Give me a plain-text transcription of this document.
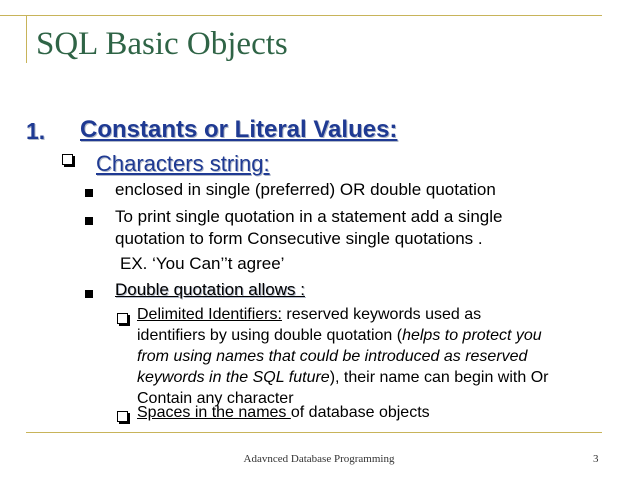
SQL Basic Objects
1. Constants or Literal Values:
Characters string:
enclosed in single (preferred) OR double quotation
To print single quotation in a statement add a single
quotation to form Consecutive single quotations .
EX. ‘You Can’’t agree’
Double quotation allows :
Delimited Identifiers: reserved keywords used as
identifiers by using double quotation (helps to protect you
from using names that could be introduced as reserved
keywords in the SQL future), their name can begin with Or
Contain any character
Spaces in the names of database objects
Adavnced Database Programming	3
